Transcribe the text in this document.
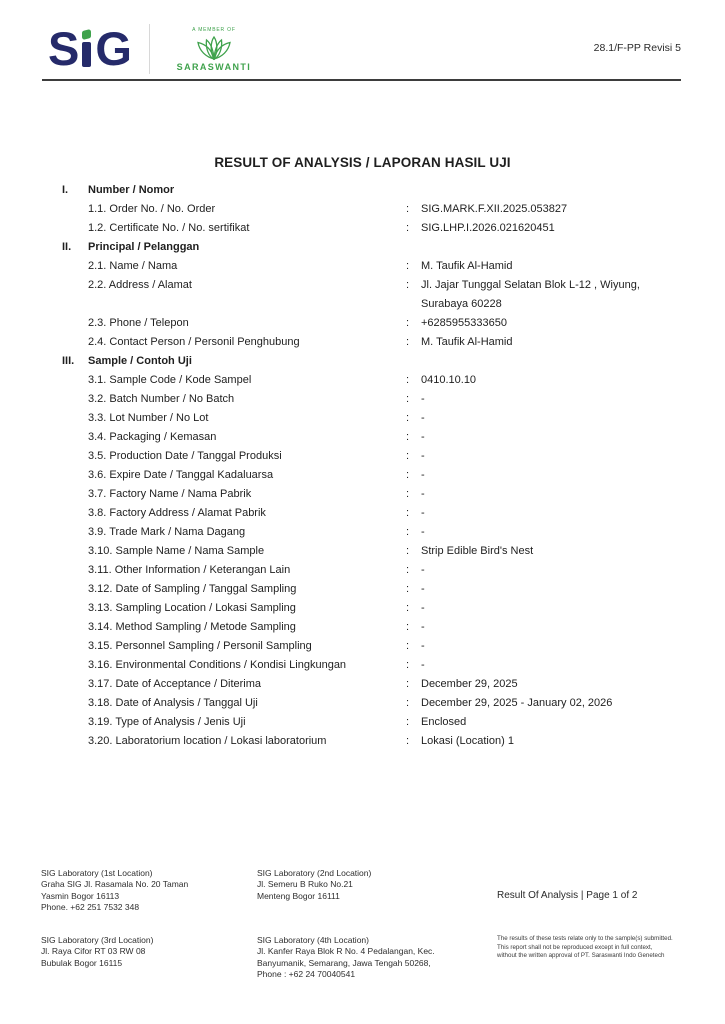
S G	A MEMBER OF
SARASWANTI
28.1/F-PP Revisi 5
RESULT OF ANALYSIS / LAPORAN HASIL UJI
I.	Number / Nomor
1.1. Order No. / No. Order	:	SIG.MARK.F.XII.2025.053827
1.2. Certificate No. / No. sertifikat	:	SIG.LHP.I.2026.021620451
II.	Principal / Pelanggan
2.1. Name / Nama	:	M. Taufik Al-Hamid
2.2. Address / Alamat	:	Jl. Jajar Tunggal Selatan Blok L-12 , Wiyung, Surabaya 60228
2.3. Phone / Telepon	:	+6285955333650
2.4. Contact Person / Personil Penghubung	:	M. Taufik Al-Hamid
III.	Sample / Contoh Uji
3.1. Sample Code / Kode Sampel	:	0410.10.10
3.2. Batch Number / No Batch	:	-
3.3. Lot Number / No Lot	:	-
3.4. Packaging / Kemasan	:	-
3.5. Production Date / Tanggal Produksi	:	-
3.6. Expire Date / Tanggal Kadaluarsa	:	-
3.7. Factory Name / Nama Pabrik	:	-
3.8. Factory Address / Alamat Pabrik	:	-
3.9. Trade Mark / Nama Dagang	:	-
3.10. Sample Name / Nama Sample	:	Strip Edible Bird's Nest
3.11. Other Information / Keterangan Lain	:	-
3.12. Date of Sampling / Tanggal Sampling	:	-
3.13. Sampling Location / Lokasi Sampling	:	-
3.14. Method Sampling / Metode Sampling	:	-
3.15. Personnel Sampling / Personil Sampling	:	-
3.16. Environmental Conditions / Kondisi Lingkungan	:	-
3.17. Date of Acceptance / Diterima	:	December 29, 2025
3.18. Date of Analysis / Tanggal Uji	:	December 29, 2025 - January 02, 2026
3.19. Type of Analysis / Jenis Uji	:	Enclosed
3.20. Laboratorium location / Lokasi laboratorium	:	Lokasi (Location) 1
SIG Laboratory (1st Location)
Graha SIG Jl. Rasamala No. 20 Taman
Yasmin Bogor 16113
Phone. +62 251 7532 348
SIG Laboratory (2nd Location)
Jl. Semeru B Ruko No.21
Menteng Bogor 16111
SIG Laboratory (3rd Location)
Jl. Raya Cifor RT 03 RW 08
Bubulak Bogor 16115
SIG Laboratory (4th Location)
Jl. Kanfer Raya Blok R No. 4 Pedalangan, Kec.
Banyumanik, Semarang, Jawa Tengah 50268,
Phone : +62 24 70040541
Result Of Analysis | Page 1 of 2
The results of these tests relate only to the sample(s) submitted.
This report shall not be reproduced except in full context,
without the written approval of PT. Saraswanti Indo Genetech
